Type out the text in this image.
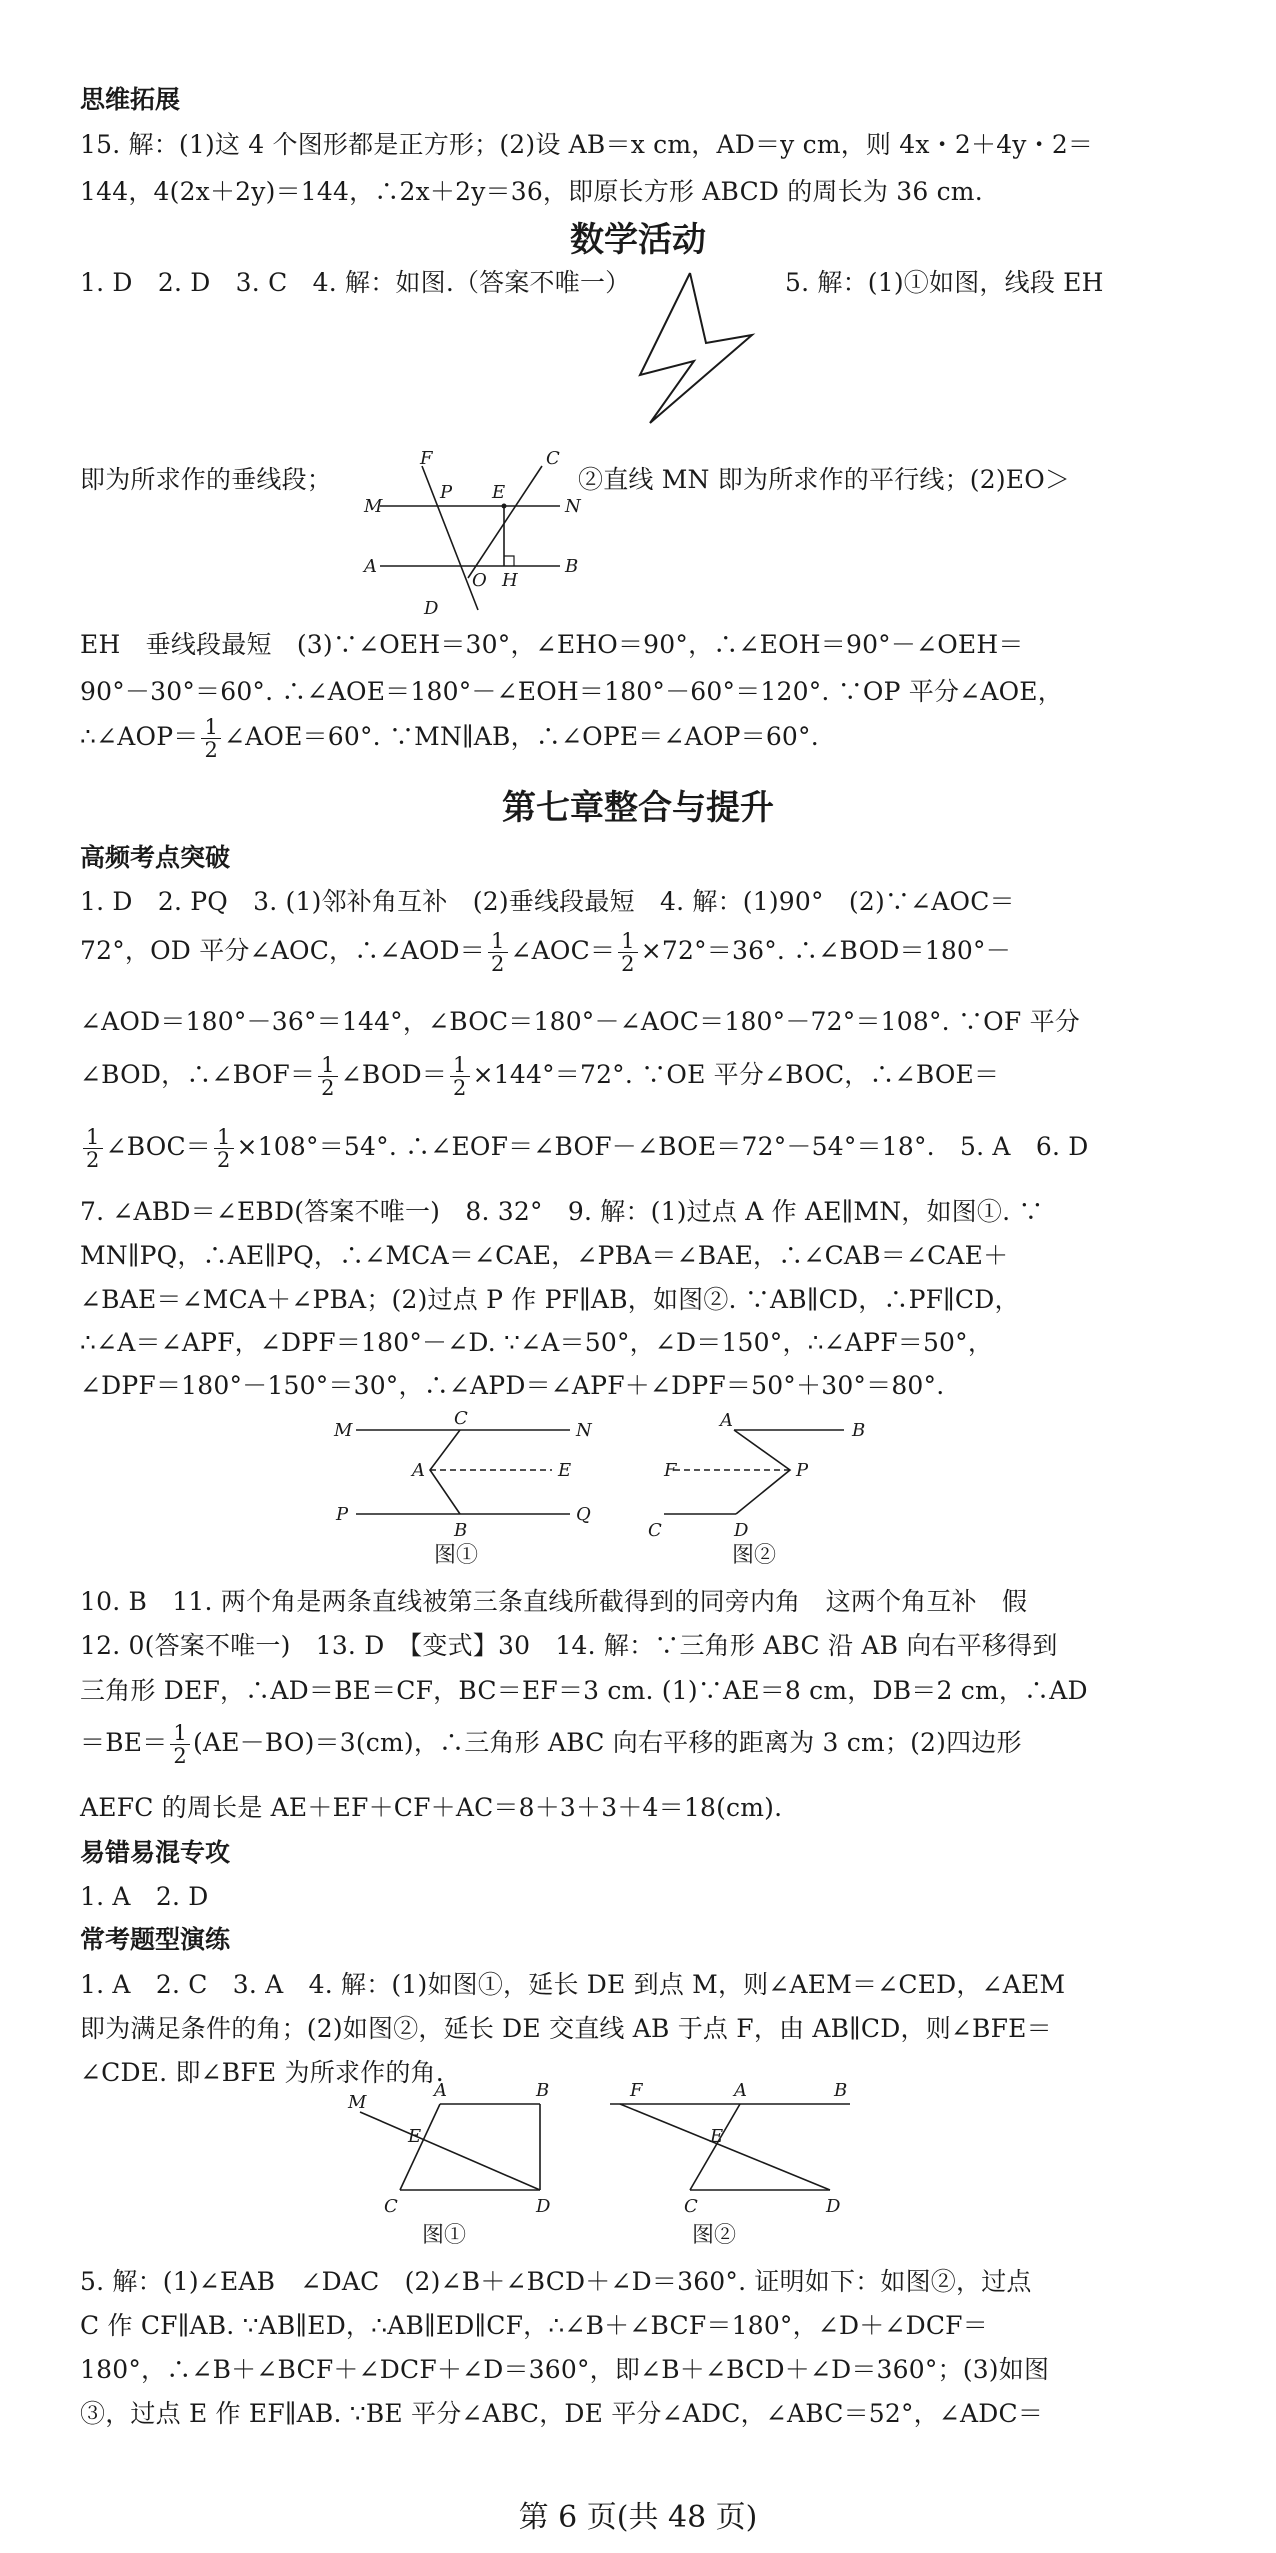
思维拓展
15. 解：(1)这 4 个图形都是正方形；(2)设 AB＝x cm，AD＝y cm，则 4x・2＋4y・2＝
144，4(2x＋2y)＝144，∴2x＋2y＝36，即原长方形 ABCD 的周长为 36 cm.
数学活动
1. D　2. D　3. C　4. 解：如图.（答案不唯一）	5. 解：(1)①如图，线段 EH
即为所求作的垂线段；	②直线 MN 即为所求作的平行线；(2)EO＞
F	C
M	N
P E
A	B
O H
D
EH　垂线段最短　(3)∵∠OEH＝30°，∠EHO＝90°，∴∠EOH＝90°－∠OEH＝
90°－30°＝60°. ∴∠AOE＝180°－∠EOH＝180°－60°＝120°. ∵OP 平分∠AOE，
∴∠AOP＝ $\frac{1}{2}$ ∠AOE＝60°. ∵MN∥AB，∴∠OPE＝∠AOP＝60°.
第七章整合与提升
高频考点突破
1. D　2. PQ　3. (1)邻补角互补　(2)垂线段最短　4. 解：(1)90°　(2)∵∠AOC＝
72°，OD 平分∠AOC，∴∠AOD＝ $\frac{1}{2}$ ∠AOC＝ $\frac{1}{2} \times 72^\circ=36^\circ$. ∴∠BOD＝180°－
∠AOD＝180°－36°＝144°，∠BOC＝180°－∠AOC＝180°－72°＝108°. ∵OF 平分
∠BOD，∴∠BOF＝ $\frac{1}{2}$ ∠BOD＝ $\frac{1}{2} \times 144^\circ=72^\circ$. ∵OE 平分∠BOC，∴∠BOE＝
$\frac{1}{2}$ ∠BOC＝ $\frac{1}{2} \times 108^\circ=54^\circ$. ∴∠EOF＝∠BOF－∠BOE＝72°－54°＝18°.　5. A　6. D
7. ∠ABD＝∠EBD(答案不唯一)　8. 32°　9. 解：(1)过点 A 作 AE∥MN，如图①. ∵
MN∥PQ，∴AE∥PQ，∴∠MCA＝∠CAE，∠PBA＝∠BAE，∴∠CAB＝∠CAE＋
∠BAE＝∠MCA＋∠PBA；(2)过点 P 作 PF∥AB，如图②. ∵AB∥CD，∴PF∥CD，
∴∠A＝∠APF，∠DPF＝180°－∠D. ∵∠A＝50°，∠D＝150°，∴∠APF＝50°，
∠DPF＝180°－150°＝30°，∴∠APD＝∠APF＋∠DPF＝50°＋30°＝80°.
M
C
N
A	E
P	Q
B
图①
A	B
F	P
C	D
图②
10. B　11. 两个角是两条直线被第三条直线所截得到的同旁内角　这两个角互补　假
12. 0(答案不唯一)　13. D　【变式】30　14. 解：∵三角形 ABC 沿 AB 向右平移得到
三角形 DEF，∴AD＝BE＝CF，BC＝EF＝3 cm. (1)∵AE＝8 cm，DB＝2 cm，∴AD
$=BE= \frac{1}{2} (AE-BO)=3(cm)$，∴三角形 ABC 向右平移的距离为 3 cm；(2)四边形
AEFC 的周长是 AE＋EF＋CF＋AC＝8＋3＋3＋4＝18(cm).
易错易混专攻
1. A　2. D
常考题型演练
1. A　2. C　3. A　4. 解：(1)如图①，延长 DE 到点 M，则∠AEM＝∠CED，∠AEM
即为满足条件的角；(2)如图②，延长 DE 交直线 AB 于点 F，由 AB∥CD，则∠BFE＝
∠CDE. 即∠BFE 为所求作的角.
M
A	B
E
C	D
图①
F	A	B
E
C	D
图②
5. 解：(1)∠EAB　∠DAC　(2)∠B＋∠BCD＋∠D＝360°. 证明如下：如图②，过点
C 作 CF∥AB. ∵AB∥ED，∴AB∥ED∥CF，∴∠B＋∠BCF＝180°，∠D＋∠DCF＝
180°，∴∠B＋∠BCF＋∠DCF＋∠D＝360°，即∠B＋∠BCD＋∠D＝360°；(3)如图
③，过点 E 作 EF∥AB. ∵BE 平分∠ABC，DE 平分∠ADC，∠ABC＝52°，∠ADC＝
第 6 页(共 48 页)
